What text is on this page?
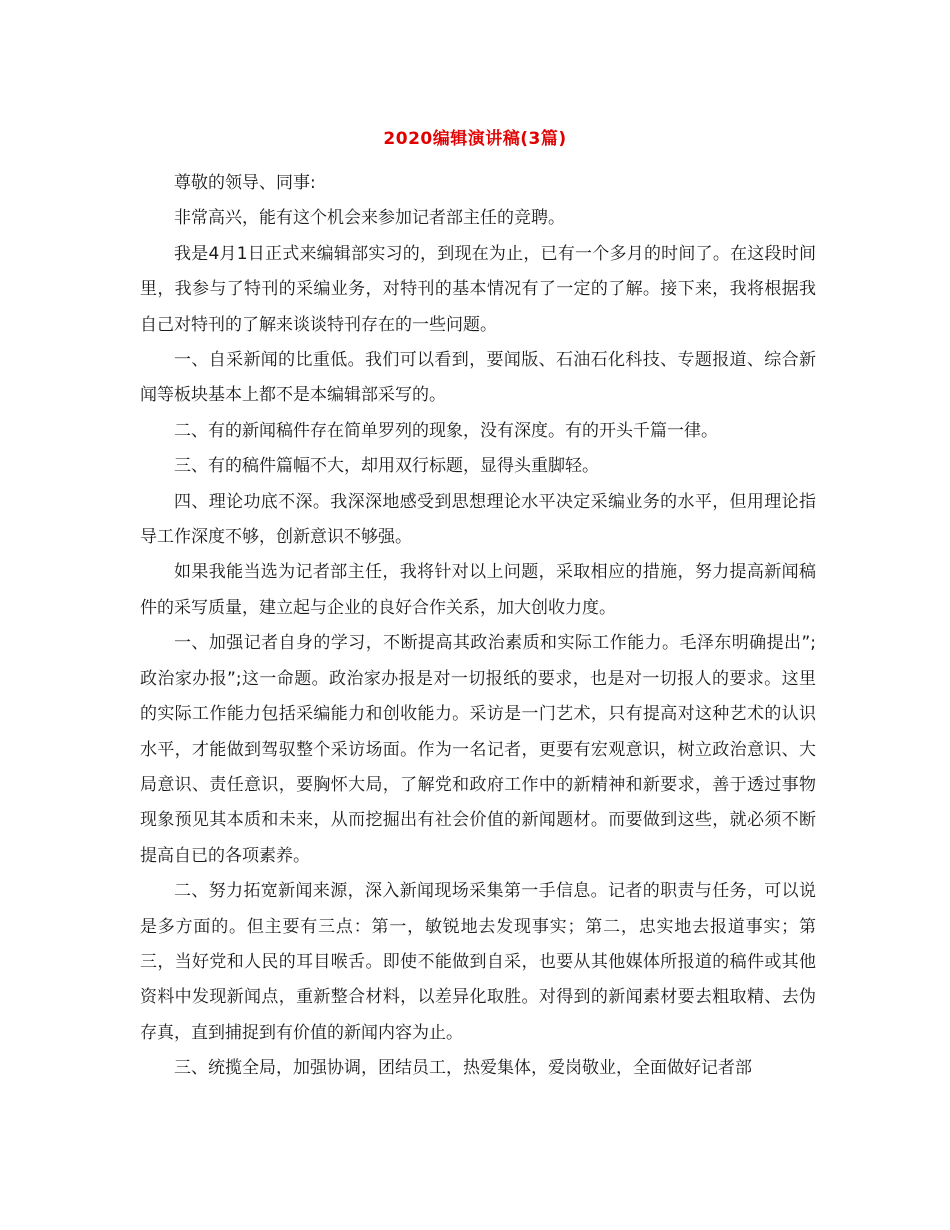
2020编辑演讲稿(3篇)

尊敬的领导、同事:

非常高兴，能有这个机会来参加记者部主任的竞聘。

我是4月1日正式来编辑部实习的，到现在为止，已有一个多月的时间了。在这段时间里，我参与了特刊的采编业务，对特刊的基本情况有了一定的了解。接下来，我将根据我自己对特刊的了解来谈谈特刊存在的一些问题。

一、自采新闻的比重低。我们可以看到，要闻版、石油石化科技、专题报道、综合新闻等板块基本上都不是本编辑部采写的。

二、有的新闻稿件存在简单罗列的现象，没有深度。有的开头千篇一律。

三、有的稿件篇幅不大，却用双行标题，显得头重脚轻。

四、理论功底不深。我深深地感受到思想理论水平决定采编业务的水平，但用理论指导工作深度不够，创新意识不够强。

如果我能当选为记者部主任，我将针对以上问题，采取相应的措施，努力提高新闻稿件的采写质量，建立起与企业的良好合作关系，加大创收力度。

一、加强记者自身的学习，不断提高其政治素质和实际工作能力。毛泽东明确提出”;政治家办报”;这一命题。政治家办报是对一切报纸的要求，也是对一切报人的要求。这里的实际工作能力包括采编能力和创收能力。采访是一门艺术，只有提高对这种艺术的认识水平，才能做到驾驭整个采访场面。作为一名记者，更要有宏观意识，树立政治意识、大局意识、责任意识，要胸怀大局，了解党和政府工作中的新精神和新要求，善于透过事物现象预见其本质和未来，从而挖掘出有社会价值的新闻题材。而要做到这些，就必须不断提高自已的各项素养。

二、努力拓宽新闻来源，深入新闻现场采集第一手信息。记者的职责与任务，可以说是多方面的。但主要有三点：第一，敏锐地去发现事实；第二，忠实地去报道事实；第三，当好党和人民的耳目喉舌。即使不能做到自采，也要从其他媒体所报道的稿件或其他资料中发现新闻点，重新整合材料，以差异化取胜。对得到的新闻素材要去粗取精、去伪存真，直到捕捉到有价值的新闻内容为止。

三、统揽全局，加强协调，团结员工，热爱集体，爱岗敬业，全面做好记者部
